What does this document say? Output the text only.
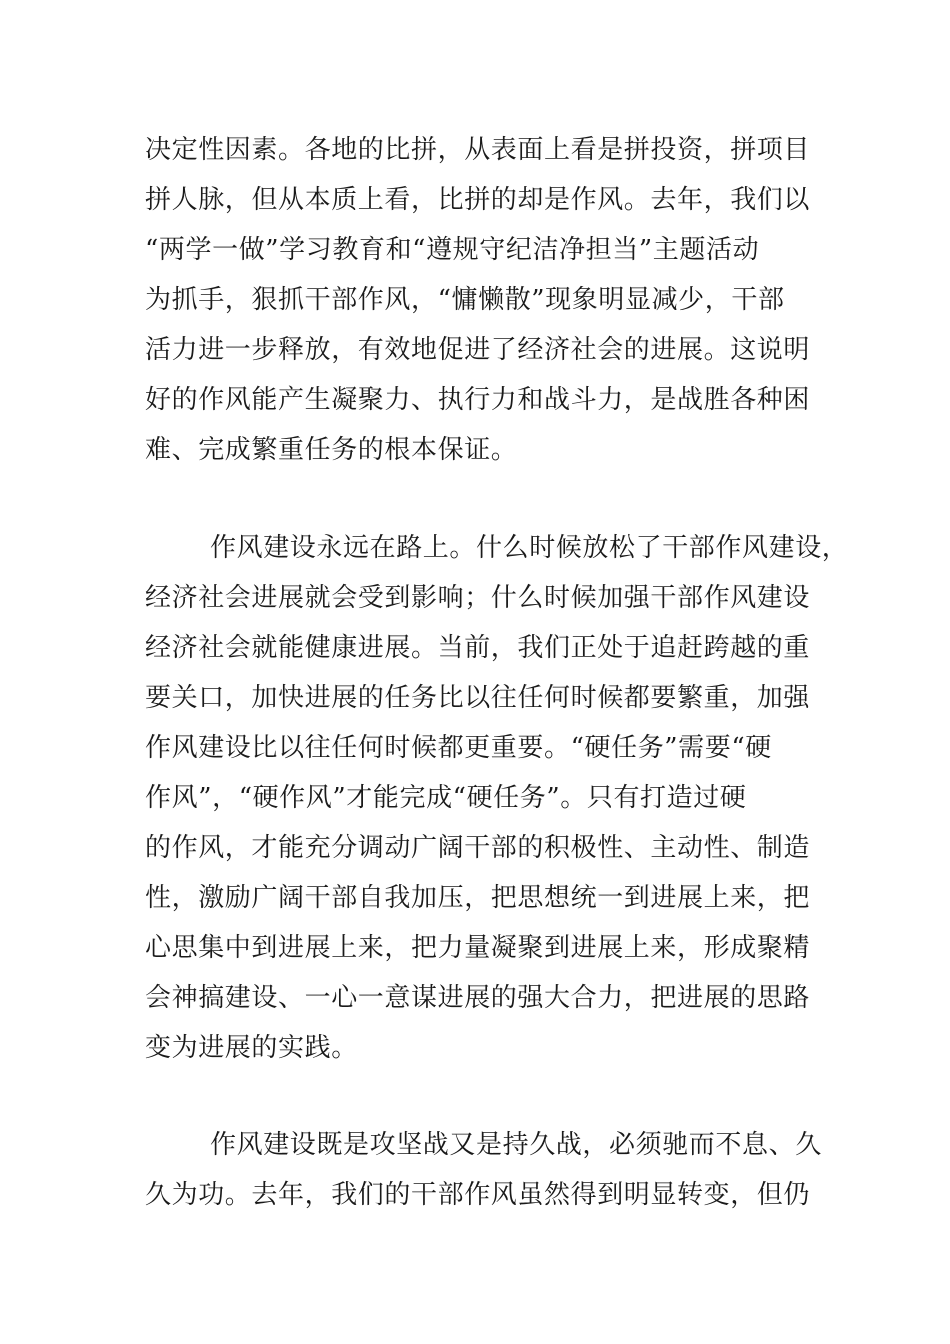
决定性因素。各地的比拼，从表面上看是拼投资，拼项目
拼人脉，但从本质上看，比拼的却是作风。去年，我们以
“两学一做”学习教育和“遵规守纪洁净担当”主题活动
为抓手，狠抓干部作风，“慵懒散”现象明显减少，干部
活力进一步释放，有效地促进了经济社会的进展。这说明
好的作风能产生凝聚力、执行力和战斗力，是战胜各种困
难、完成繁重任务的根本保证。
作风建设永远在路上。什么时候放松了干部作风建设，
经济社会进展就会受到影响；什么时候加强干部作风建设
经济社会就能健康进展。当前，我们正处于追赶跨越的重
要关口，加快进展的任务比以往任何时候都要繁重，加强
作风建设比以往任何时候都更重要。“硬任务”需要“硬
作风”，“硬作风”才能完成“硬任务”。只有打造过硬
的作风，才能充分调动广阔干部的积极性、主动性、制造
性，激励广阔干部自我加压，把思想统一到进展上来，把
心思集中到进展上来，把力量凝聚到进展上来，形成聚精
会神搞建设、一心一意谋进展的强大合力，把进展的思路
变为进展的实践。
作风建设既是攻坚战又是持久战，必须驰而不息、久
久为功。去年，我们的干部作风虽然得到明显转变，但仍
